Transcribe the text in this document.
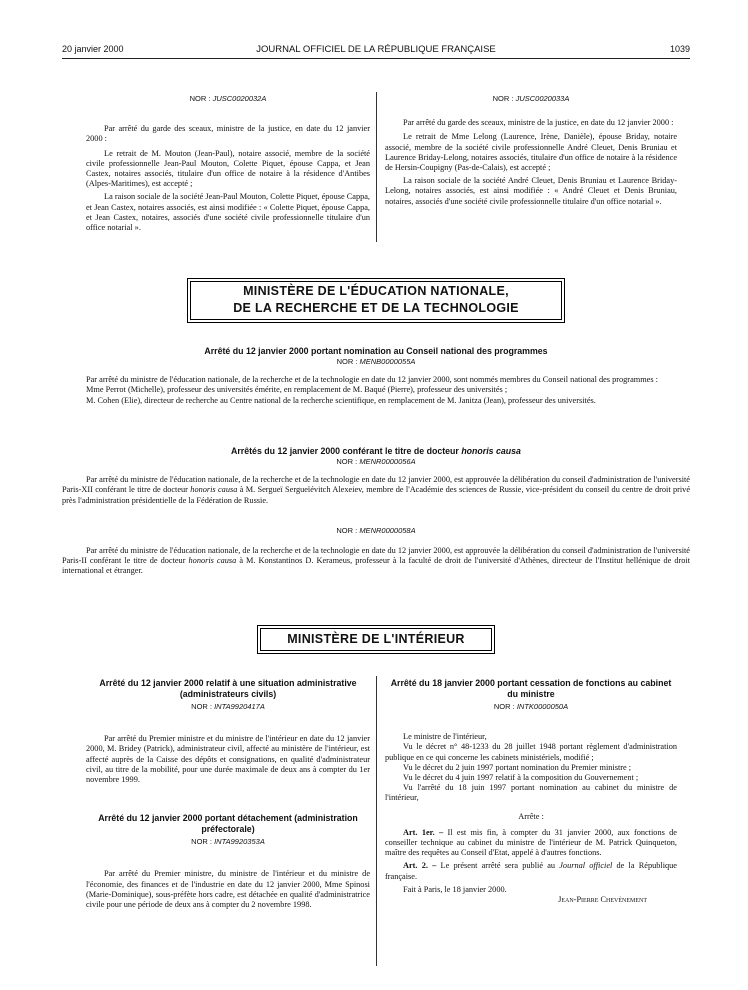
20 janvier 2000	JOURNAL OFFICIEL DE LA RÉPUBLIQUE FRANÇAISE	1039

NOR : JUSC0020032A

Par arrêté du garde des sceaux, ministre de la justice, en date du 12 janvier 2000 :

Le retrait de M. Mouton (Jean-Paul), notaire associé, membre de la société civile professionnelle Jean-Paul Mouton, Colette Piquet, épouse Cappa, et Jean Castex, notaires associés, titulaire d'un office de notaire à la résidence d'Antibes (Alpes-Maritimes), est accepté ;

La raison sociale de la société Jean-Paul Mouton, Colette Piquet, épouse Cappa, et Jean Castex, notaires associés, est ainsi modifiée : « Colette Piquet, épouse Cappa, et Jean Castex, notaires, associés d'une société civile professionnelle titulaire d'un office notarial ».

NOR : JUSC0020033A

Par arrêté du garde des sceaux, ministre de la justice, en date du 12 janvier 2000 :

Le retrait de Mme Lelong (Laurence, Irène, Danièle), épouse Briday, notaire associé, membre de la société civile professionnelle André Cleuet, Denis Bruniau et Laurence Briday-Lelong, notaires associés, titulaire d'un office de notaire à la résidence de Hersin-Coupigny (Pas-de-Calais), est accepté ;

La raison sociale de la société André Cleuet, Denis Bruniau et Laurence Briday-Lelong, notaires associés, est ainsi modifiée : « André Cleuet et Denis Bruniau, notaires, associés d'une société civile professionnelle titulaire d'un office notarial ».

MINISTÈRE DE L'ÉDUCATION NATIONALE,
DE LA RECHERCHE ET DE LA TECHNOLOGIE

Arrêté du 12 janvier 2000 portant nomination au Conseil national des programmes

NOR : MENB0000055A

Par arrêté du ministre de l'éducation nationale, de la recherche et de la technologie en date du 12 janvier 2000, sont nommés membres du Conseil national des programmes :

Mme Perrot (Michelle), professeur des universités émérite, en remplacement de M. Baqué (Pierre), professeur des universités ;

M. Cohen (Elie), directeur de recherche au Centre national de la recherche scientifique, en remplacement de M. Janitza (Jean), professeur des universités.

Arrêtés du 12 janvier 2000 conférant le titre de docteur honoris causa

NOR : MENR0000056A

Par arrêté du ministre de l'éducation nationale, de la recherche et de la technologie en date du 12 janvier 2000, est approuvée la délibération du conseil d'administration de l'université Paris-XII conférant le titre de docteur honoris causa à M. Sergueï Sergueïévitch Alexeiev, membre de l'Académie des sciences de Russie, vice-président du conseil du centre de droit privé près l'administration présidentielle de la Fédération de Russie.

NOR : MENR0000058A

Par arrêté du ministre de l'éducation nationale, de la recherche et de la technologie en date du 12 janvier 2000, est approuvée la délibération du conseil d'administration de l'université Paris-II conférant le titre de docteur honoris causa à M. Konstantinos D. Kerameus, professeur à la faculté de droit de l'université d'Athènes, directeur de l'Institut hellénique de droit international et étranger.

MINISTÈRE DE L'INTÉRIEUR

Arrêté du 12 janvier 2000 relatif à une situation administrative (administrateurs civils)

NOR : INTA9920417A

Par arrêté du Premier ministre et du ministre de l'intérieur en date du 12 janvier 2000, M. Bridey (Patrick), administrateur civil, affecté au ministère de l'intérieur, est affecté auprès de la Caisse des dépôts et consignations, en qualité d'administrateur civil, au titre de la mobilité, pour une durée maximale de deux ans à compter du 1er novembre 1999.

Arrêté du 12 janvier 2000 portant détachement (administration préfectorale)

NOR : INTA9920353A

Par arrêté du Premier ministre, du ministre de l'intérieur et du ministre de l'économie, des finances et de l'industrie en date du 12 janvier 2000, Mme Spinosi (Marie-Dominique), sous-préfète hors cadre, est détachée en qualité d'administratrice civile pour une période de deux ans à compter du 2 novembre 1998.

Arrêté du 18 janvier 2000 portant cessation de fonctions au cabinet du ministre

NOR : INTK0000050A

Le ministre de l'intérieur,

Vu le décret n° 48-1233 du 28 juillet 1948 portant règlement d'administration publique en ce qui concerne les cabinets ministériels, modifié ;

Vu le décret du 2 juin 1997 portant nomination du Premier ministre ;

Vu le décret du 4 juin 1997 relatif à la composition du Gouvernement ;

Vu l'arrêté du 18 juin 1997 portant nomination au cabinet du ministre de l'intérieur,

Arrête :

Art. 1er. – Il est mis fin, à compter du 31 janvier 2000, aux fonctions de conseiller technique au cabinet du ministre de l'intérieur de M. Patrick Quinqueton, maître des requêtes au Conseil d'Etat, appelé à d'autres fonctions.

Art. 2. – Le présent arrêté sera publié au Journal officiel de la République française.

Fait à Paris, le 18 janvier 2000.

Jean-Pierre Chevènement
